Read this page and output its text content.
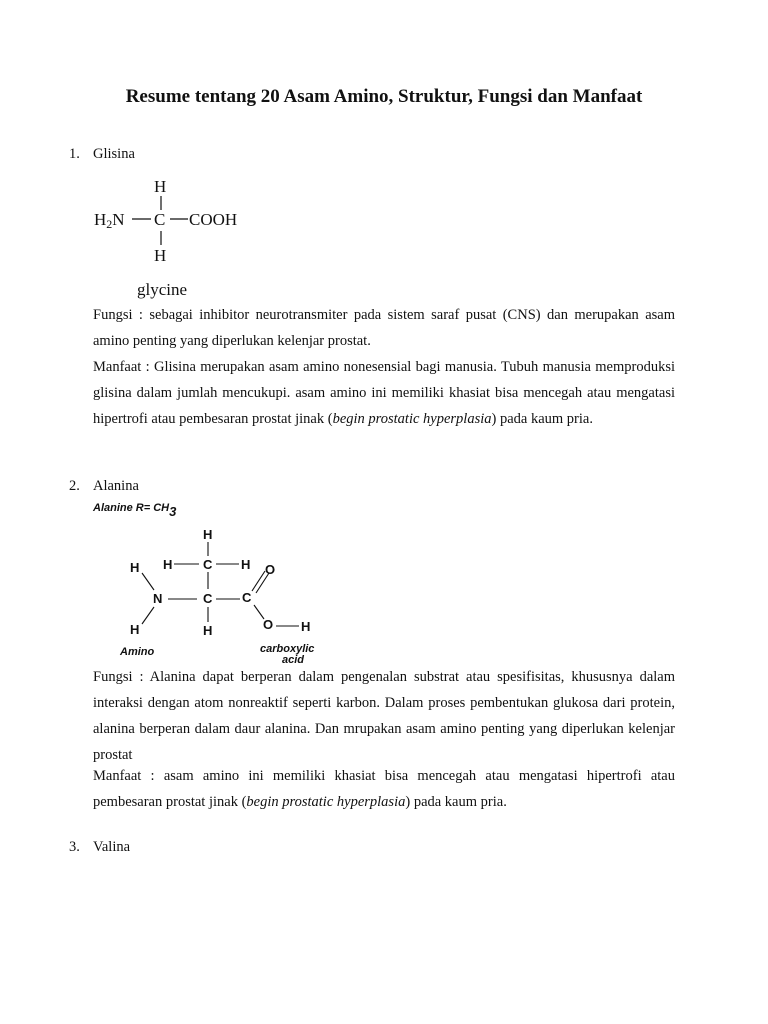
Resume tentang 20 Asam Amino, Struktur, Fungsi dan Manfaat
1. Glisina
H
H2N C COOH
H
glycine

Fungsi : sebagai inhibitor neurotransmiter pada sistem saraf pusat (CNS) dan merupakan asam amino penting yang diperlukan kelenjar prostat.

Manfaat : Glisina merupakan asam amino nonesensial bagi manusia. Tubuh manusia memproduksi glisina dalam jumlah mencukupi. asam amino ini memiliki khasiat bisa mencegah atau mengatasi hipertrofi atau pembesaran prostat jinak (begin prostatic hyperplasia) pada kaum pria.

2. Alanina
Alanine R= CH3
Amino	carboxylic
acid
H
H H C H O
N	C C
H	H	O H

Fungsi : Alanina dapat berperan dalam pengenalan substrat atau spesifisitas, khususnya dalam interaksi dengan atom nonreaktif seperti karbon. Dalam proses pembentukan glukosa dari protein, alanina berperan dalam daur alanina. Dan mrupakan asam amino penting yang diperlukan kelenjar prostat

Manfaat : asam amino ini memiliki khasiat bisa mencegah atau mengatasi hipertrofi atau pembesaran prostat jinak (begin prostatic hyperplasia) pada kaum pria.

3. Valina
